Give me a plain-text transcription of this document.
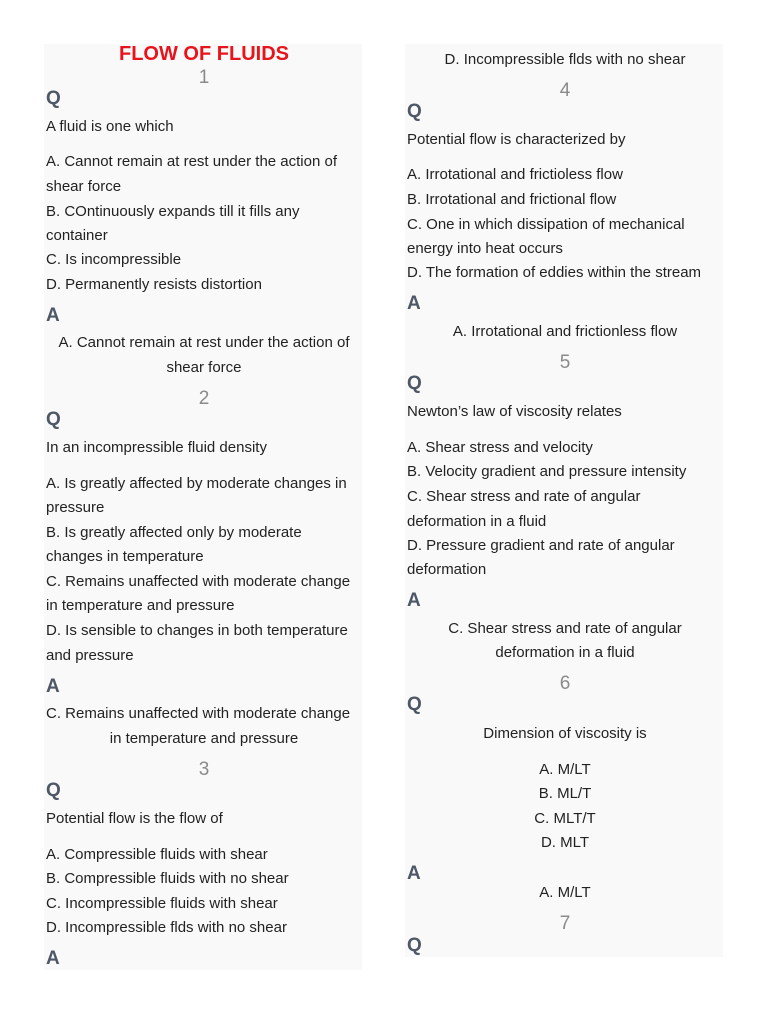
FLOW OF FLUIDS
1
Q
A fluid is one which
A. Cannot remain at rest under the action of
shear force
B. COntinuously expands till it fills any
container
C. Is incompressible
D. Permanently resists distortion
A
A. Cannot remain at rest under the action of
shear force
2
Q
In an incompressible fluid density
A. Is greatly affected by moderate changes in
pressure
B. Is greatly affected only by moderate
changes in temperature
C. Remains unaffected with moderate change
in temperature and pressure
D. Is sensible to changes in both temperature
and pressure
A
C. Remains unaffected with moderate change
in temperature and pressure
3
Q
Potential flow is the flow of
A. Compressible fluids with shear
B. Compressible fluids with no shear
C. Incompressible fluids with shear
D. Incompressible flds with no shear
A
D. Incompressible flds with no shear
4
Q
Potential flow is characterized by
A. Irrotational and frictioless flow
B. Irrotational and frictional flow
C. One in which dissipation of mechanical
energy into heat occurs
D. The formation of eddies within the stream
A
A. Irrotational and frictionless flow
5
Q
Newton’s law of viscosity relates
A. Shear stress and velocity
B. Velocity gradient and pressure intensity
C. Shear stress and rate of angular
deformation in a fluid
D. Pressure gradient and rate of angular
deformation
A
C. Shear stress and rate of angular
deformation in a fluid
6
Q
Dimension of viscosity is
A. M/LT
B. ML/T
C. MLT/T
D. MLT
A
A. M/LT
7
Q
